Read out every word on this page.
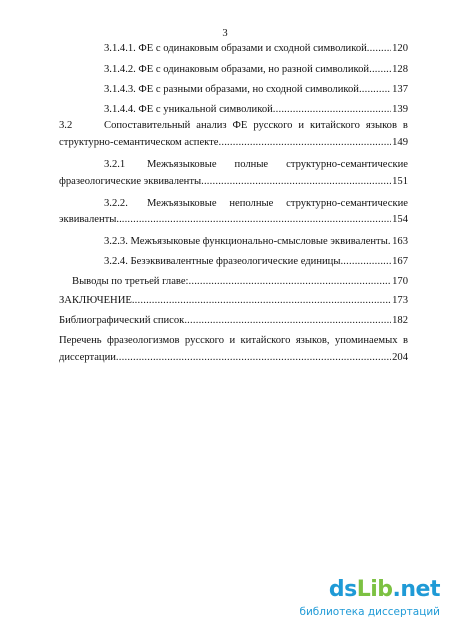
3
3.1.4.1. ФЕ с одинаковым образами и сходной символикой ..... 120
3.1.4.2. ФЕ с одинаковым образами, но разной символикой ..... 128
3.1.4.3. ФЕ с разными образами, но сходной символикой .....	137
3.1.4.4. ФЕ с уникальной символикой .....	139
3.2	Сопоставительный анализ ФЕ русского и китайского языков в
структурно-семантическом аспекте .....	149
3.2.1 Межъязыковые полные структурно-семантические
фразеологические эквиваленты .....	151
3.2.2. Межъязыковые неполные структурно-семантические
эквиваленты.. .....	154
3.2.3. Межъязыковые функционально-смысловые эквиваленты ..... 163
3.2.4. Безэквивалентные фразеологические единицы .....	167
Выводы по третьей главе: .....	170
ЗАКЛЮЧЕНИЕ .....	173
Библиографический список .....	182
Перечень фразеологизмов русского и китайского языков, упоминаемых в
диссертации .....	204
dsLib.net
библиотека диссертаций
